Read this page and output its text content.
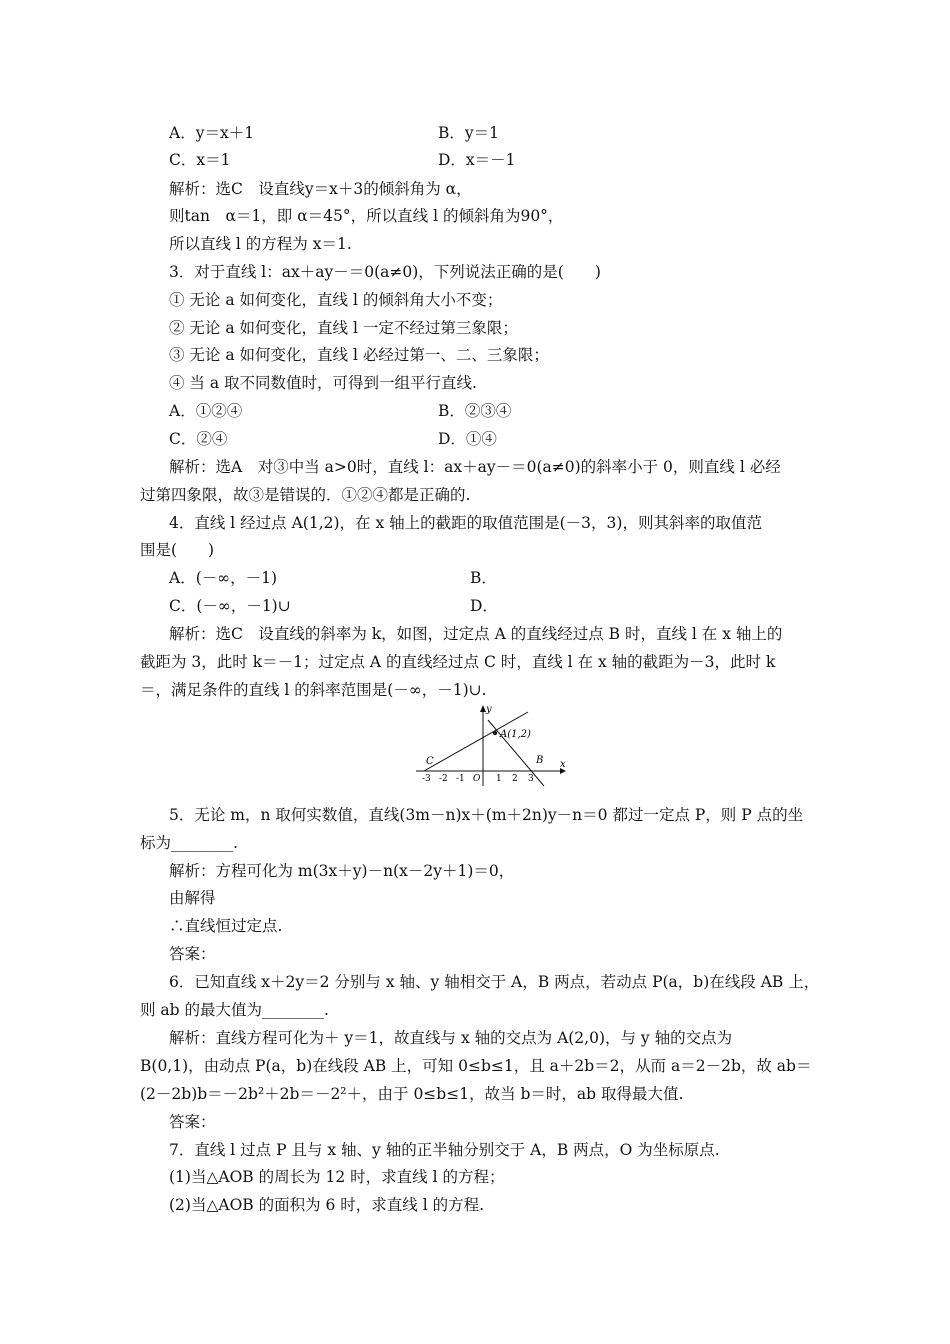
A．y＝x＋1	B．y＝1
C．x＝1	D．x＝－1
解析：选C　设直线y＝x＋3的倾斜角为 α，
则tan　α＝1，即 α＝45°，所以直线 l 的倾斜角为90°，
所以直线 l 的方程为 x＝1.
3．对于直线 l：ax＋ay－＝0(a≠0)，下列说法正确的是(　　)
① 无论 a 如何变化，直线 l 的倾斜角大小不变；
② 无论 a 如何变化，直线 l 一定不经过第三象限；
③ 无论 a 如何变化，直线 l 必经过第一、二、三象限；
④ 当 a 取不同数值时，可得到一组平行直线.
A．①②④	B．②③④
C．②④	D．①④
解析：选A　对③中当 a>0时，直线 l：ax＋ay－＝0(a≠0)的斜率小于 0，则直线 l 必经
过第四象限，故③是错误的．①②④都是正确的.
4．直线 l 经过点 A(1,2)，在 x 轴上的截距的取值范围是(－3，3)，则其斜率的取值范
围是(　　)
A．(－∞，－1)	B．
C．(－∞，－1)∪	D．
解析：选C　设直线的斜率为 k，如图，过定点 A 的直线经过点 B 时，直线 l 在 x 轴上的
截距为 3，此时 k＝－1；过定点 A 的直线经过点 C 时，直线 l 在 x 轴的截距为－3，此时 k
＝，满足条件的直线 l 的斜率范围是(－∞，－1)∪.
y
x
A(1,2)
B
C
O
-3 -2 -1	1 2 3
5．无论 m，n 取何实数值，直线(3m－n)x＋(m＋2n)y－n＝0 都过一定点 P，则 P 点的坐
标为________.
解析：方程可化为 m(3x＋y)－n(x－2y＋1)＝0，
由解得
∴直线恒过定点.
答案：
6．已知直线 x＋2y＝2 分别与 x 轴、y 轴相交于 A，B 两点，若动点 P(a，b)在线段 AB 上，
则 ab 的最大值为________.
解析：直线方程可化为＋ y＝1，故直线与 x 轴的交点为 A(2,0)，与 y 轴的交点为
B(0,1)，由动点 P(a，b)在线段 AB 上，可知 0≤b≤1，且 a＋2b＝2，从而 a＝2－2b，故 ab＝
(2－2b)b＝－2b²＋2b＝－2²＋，由于 0≤b≤1，故当 b＝时，ab 取得最大值.
答案：
7．直线 l 过点 P 且与 x 轴、y 轴的正半轴分别交于 A，B 两点，O 为坐标原点.
(1)当△AOB 的周长为 12 时，求直线 l 的方程；
(2)当△AOB 的面积为 6 时，求直线 l 的方程.
